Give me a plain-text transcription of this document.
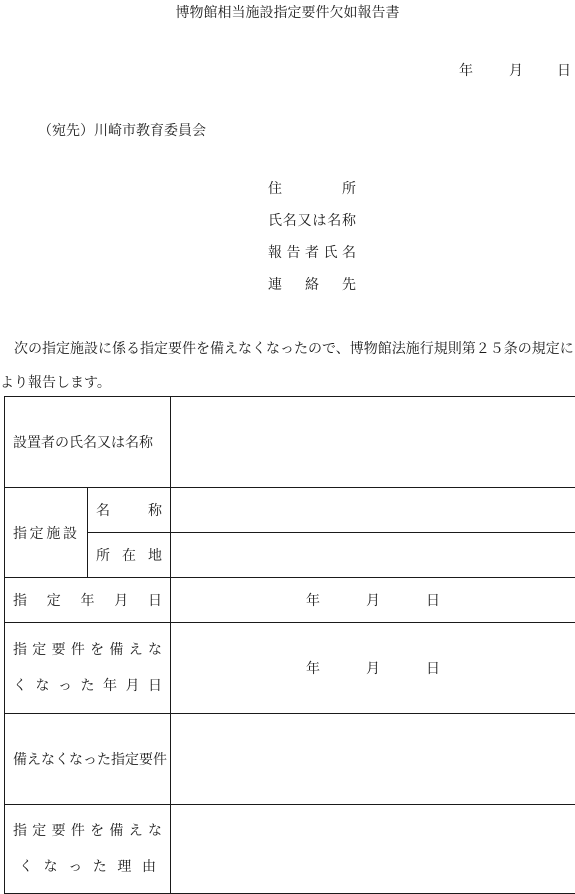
博物館相当施設指定要件欠如報告書
年	月 日
（宛先）川崎市教育委員会
住　所
氏名又は名称
報告者氏名
連絡先
次の指定施設に係る指定要件を備えなくなったので、博物館法施行規則第２５条の規定により報告します。
設置者の氏名又は名称		

指定施設	名　称	

	所在地	

指定年月日		年 月 日

指定要件を備えな
くなった年月日		年 月 日
備えなくなった指定要件		

指定要件を備えな
くなった理由		
